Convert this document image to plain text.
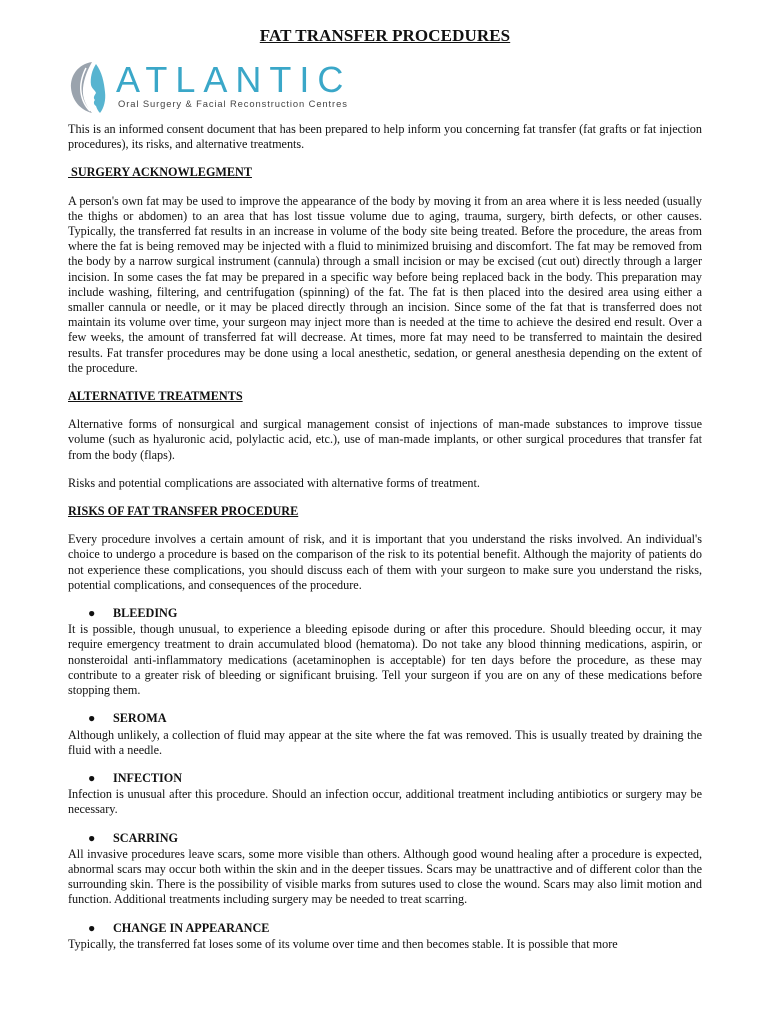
FAT TRANSFER PROCEDURES
ATLANTIC
Oral Surgery & Facial Reconstruction Centres

This is an informed consent document that has been prepared to help inform you concerning fat transfer (fat grafts or fat injection procedures), its risks, and alternative treatments.

SURGERY ACKNOWLEGMENT

A person's own fat may be used to improve the appearance of the body by moving it from an area where it is less needed (usually the thighs or abdomen) to an area that has lost tissue volume due to aging, trauma, surgery, birth defects, or other causes. Typically, the transferred fat results in an increase in volume of the body site being treated. Before the procedure, the areas from where the fat is being removed may be injected with a fluid to minimized bruising and discomfort. The fat may be removed from the body by a narrow surgical instrument (cannula) through a small incision or may be excised (cut out) directly through a larger incision. In some cases the fat may be prepared in a specific way before being replaced back in the body. This preparation may include washing, filtering, and centrifugation (spinning) of the fat. The fat is then placed into the desired area using either a smaller cannula or needle, or it may be placed directly through an incision. Since some of the fat that is transferred does not maintain its volume over time, your surgeon may inject more than is needed at the time to achieve the desired end result. Over a few weeks, the amount of transferred fat will decrease. At times, more fat may need to be transferred to maintain the desired results. Fat transfer procedures may be done using a local anesthetic, sedation, or general anesthesia depending on the extent of the procedure.

ALTERNATIVE TREATMENTS

Alternative forms of nonsurgical and surgical management consist of injections of man-made substances to improve tissue volume (such as hyaluronic acid, polylactic acid, etc.), use of man-made implants, or other surgical procedures that transfer fat from the body (flaps).

Risks and potential complications are associated with alternative forms of treatment.

RISKS OF FAT TRANSFER PROCEDURE

Every procedure involves a certain amount of risk, and it is important that you understand the risks involved. An individual's choice to undergo a procedure is based on the comparison of the risk to its potential benefit. Although the majority of patients do not experience these complications, you should discuss each of them with your surgeon to make sure you understand the risks, potential complications, and consequences of the procedure.

● BLEEDING

It is possible, though unusual, to experience a bleeding episode during or after this procedure. Should bleeding occur, it may require emergency treatment to drain accumulated blood (hematoma). Do not take any blood thinning medications, aspirin, or nonsteroidal anti-inflammatory medications (acetaminophen is acceptable) for ten days before the procedure, as these may contribute to a greater risk of bleeding or significant bruising. Tell your surgeon if you are on any of these medications before stopping them.

● SEROMA

Although unlikely, a collection of fluid may appear at the site where the fat was removed. This is usually treated by draining the fluid with a needle.

● INFECTION

Infection is unusual after this procedure. Should an infection occur, additional treatment including antibiotics or surgery may be necessary.

● SCARRING

All invasive procedures leave scars, some more visible than others. Although good wound healing after a procedure is expected, abnormal scars may occur both within the skin and in the deeper tissues. Scars may be unattractive and of different color than the surrounding skin. There is the possibility of visible marks from sutures used to close the wound. Scars may also limit motion and function. Additional treatments including surgery may be needed to treat scarring.

● CHANGE IN APPEARANCE

Typically, the transferred fat loses some of its volume over time and then becomes stable. It is possible that more
